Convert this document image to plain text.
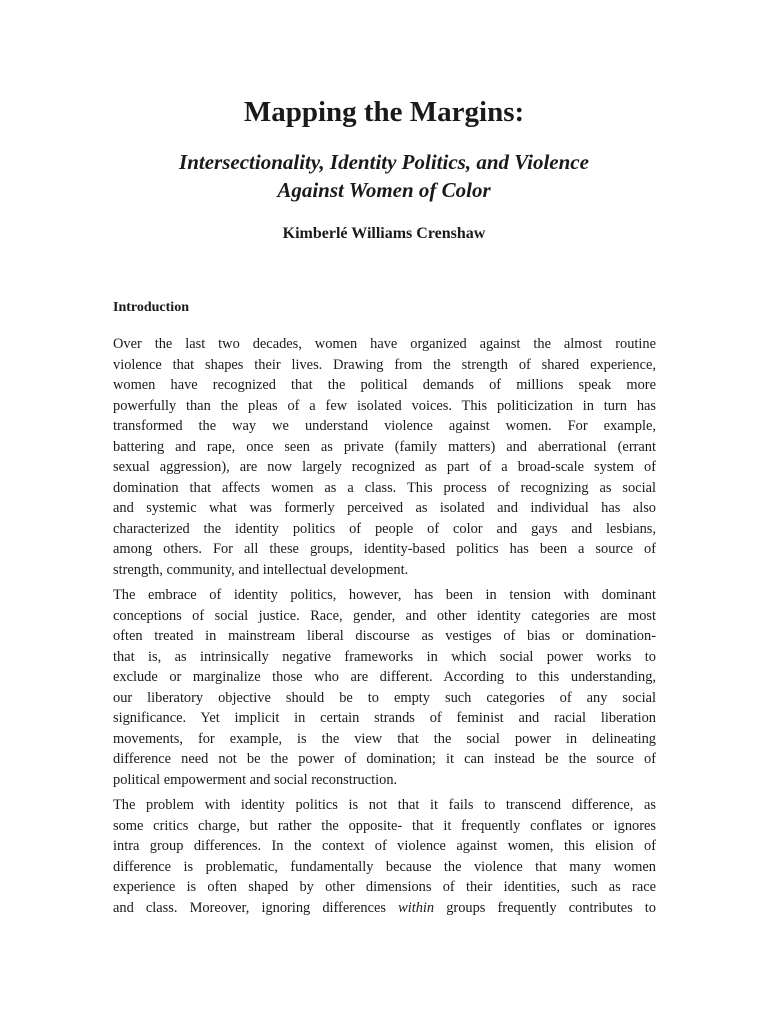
Mapping the Margins:
Intersectionality, Identity Politics, and Violence
Against Women of Color
Kimberlé Williams Crenshaw
Introduction

Over the last two decades, women have organized against the almost routine
violence that shapes their lives. Drawing from the strength of shared experience,
women have recognized that the political demands of millions speak more
powerfully than the pleas of a few isolated voices. This politicization in turn has
transformed the way we understand violence against women. For example,
battering and rape, once seen as private (family matters) and aberrational (errant
sexual aggression), are now largely recognized as part of a broad-scale system of
domination that affects women as a class. This process of recognizing as social
and systemic what was formerly perceived as isolated and individual has also
characterized the identity politics of people of color and gays and lesbians,
among others. For all these groups, identity-based politics has been a source of
strength, community, and intellectual development.

The embrace of identity politics, however, has been in tension with dominant
conceptions of social justice. Race, gender, and other identity categories are most
often treated in mainstream liberal discourse as vestiges of bias or domination-
that is, as intrinsically negative frameworks in which social power works to
exclude or marginalize those who are different. According to this understanding,
our liberatory objective should be to empty such categories of any social
significance. Yet implicit in certain strands of feminist and racial liberation
movements, for example, is the view that the social power in delineating
difference need not be the power of domination; it can instead be the source of
political empowerment and social reconstruction.

The problem with identity politics is not that it fails to transcend difference, as
some critics charge, but rather the opposite- that it frequently conflates or ignores
intra group differences. In the context of violence against women, this elision of
difference is problematic, fundamentally because the violence that many women
experience is often shaped by other dimensions of their identities, such as race
and class. Moreover, ignoring differences within groups frequently contributes to
